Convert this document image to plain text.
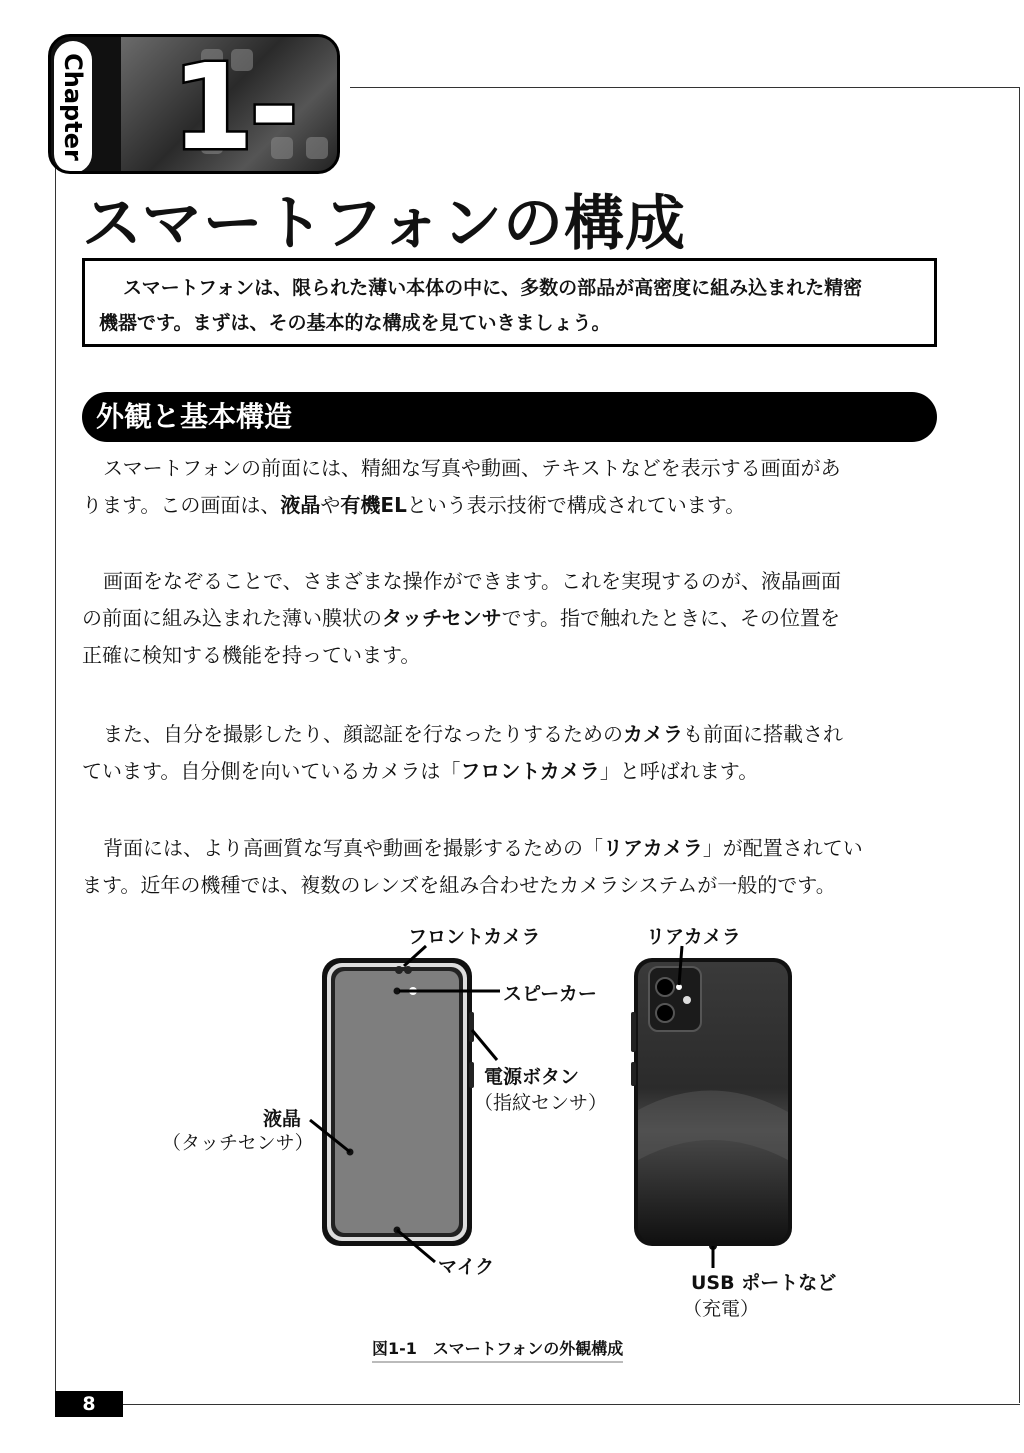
Chapter 1-
スマートフォンの構成
スマートフォンは、限られた薄い本体の中に、多数の部品が高密度に組み込まれた精密
機器です。まずは、その基本的な構成を見ていきましょう。
外観と基本構造
スマートフォンの前面には、精細な写真や動画、テキストなどを表示する画面があ
ります。この画面は、液晶や有機ELという表示技術で構成されています。
画面をなぞることで、さまざまな操作ができます。これを実現するのが、液晶画面
の前面に組み込まれた薄い膜状のタッチセンサです。指で触れたときに、その位置を
正確に検知する機能を持っています。
また、自分を撮影したり、顔認証を行なったりするためのカメラも前面に搭載され
ています。自分側を向いているカメラは「フロントカメラ」と呼ばれます。
背面には、より高画質な写真や動画を撮影するための「リアカメラ」が配置されてい
ます。近年の機種では、複数のレンズを組み合わせたカメラシステムが一般的です。
フロントカメラ	リアカメラ
スピーカー
電源ボタン
（指紋センサ）
液晶
（タッチセンサ）
マイク
USB ポートなど
（充電）
図1-1　スマートフォンの外観構成
8
